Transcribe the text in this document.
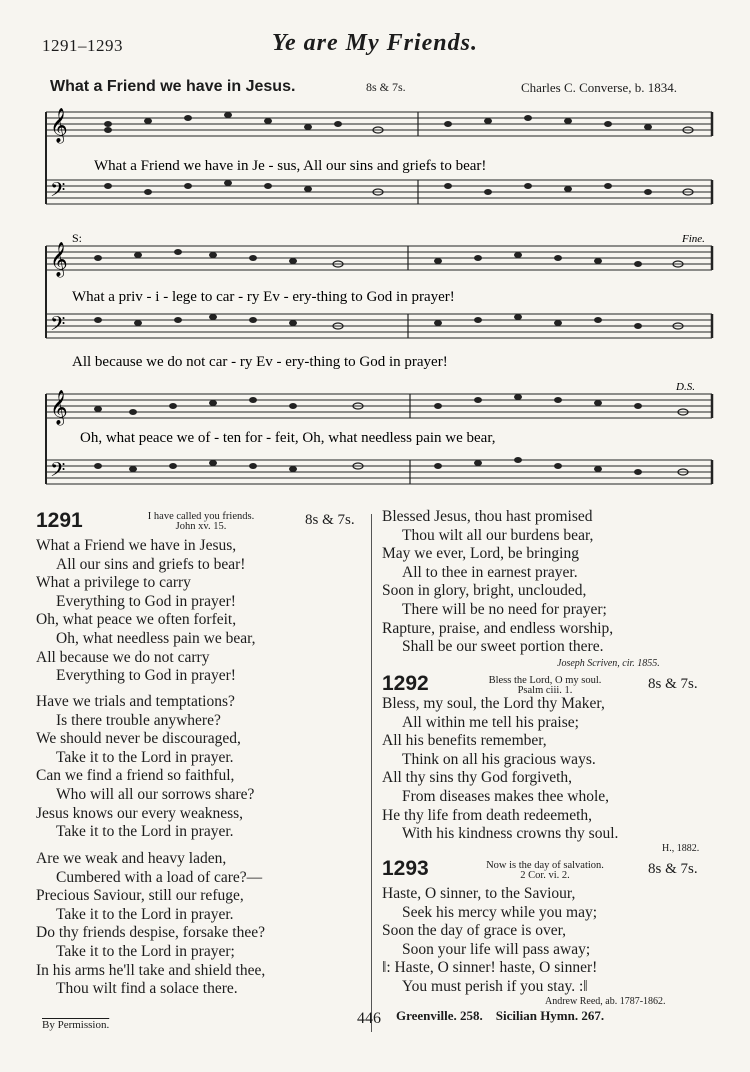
1291–1293	Ye are My Friends.
What a Friend we have in Jesus.	8s & 7s.	Charles C. Converse, b. 1834.
𝄞
𝄢
What a Friend we have in Je - sus, All our sins and griefs to bear!
𝄞
𝄢
S:	Fine.
What a priv - i - lege to car - ry Ev - ery-thing to God in prayer!
All because we do not car - ry Ev - ery-thing to God in prayer!
𝄞
𝄢
D.S.
Oh, what peace we of - ten for - feit, Oh, what needless pain we bear,
1291	I have called you friends.
John xv. 15.	8s & 7s.
What a Friend we have in Jesus,
All our sins and griefs to bear!
What a privilege to carry
Everything to God in prayer!
Oh, what peace we often forfeit,
Oh, what needless pain we bear,
All because we do not carry
Everything to God in prayer!
Have we trials and temptations?
Is there trouble anywhere?
We should never be discouraged,
Take it to the Lord in prayer.
Can we find a friend so faithful,
Who will all our sorrows share?
Jesus knows our every weakness,
Take it to the Lord in prayer.
Are we weak and heavy laden,
Cumbered with a load of care?—
Precious Saviour, still our refuge,
Take it to the Lord in prayer.
Do thy friends despise, forsake thee?
Take it to the Lord in prayer;
In his arms he'll take and shield thee,
Thou wilt find a solace there.
Blessed Jesus, thou hast promised
Thou wilt all our burdens bear,
May we ever, Lord, be bringing
All to thee in earnest prayer.
Soon in glory, bright, unclouded,
There will be no need for prayer;
Rapture, praise, and endless worship,
Shall be our sweet portion there.
Joseph Scriven, cir. 1855.
1292	Bless the Lord, O my soul.
Psalm ciii. 1.	8s & 7s.
Bless, my soul, the Lord thy Maker,
All within me tell his praise;
All his benefits remember,
Think on all his gracious ways.
All thy sins thy God forgiveth,
From diseases makes thee whole,
He thy life from death redeemeth,
With his kindness crowns thy soul.
H., 1882.
1293	Now is the day of salvation.
2 Cor. vi. 2.	8s & 7s.
Haste, O sinner, to the Saviour,
Seek his mercy while you may;
Soon the day of grace is over,
Soon your life will pass away;
‖: Haste, O sinner! haste, O sinner!
You must perish if you stay. :‖
Andrew Reed, ab. 1787-1862.
By Permission.	446 Greenville. 258.    Sicilian Hymn. 267.
